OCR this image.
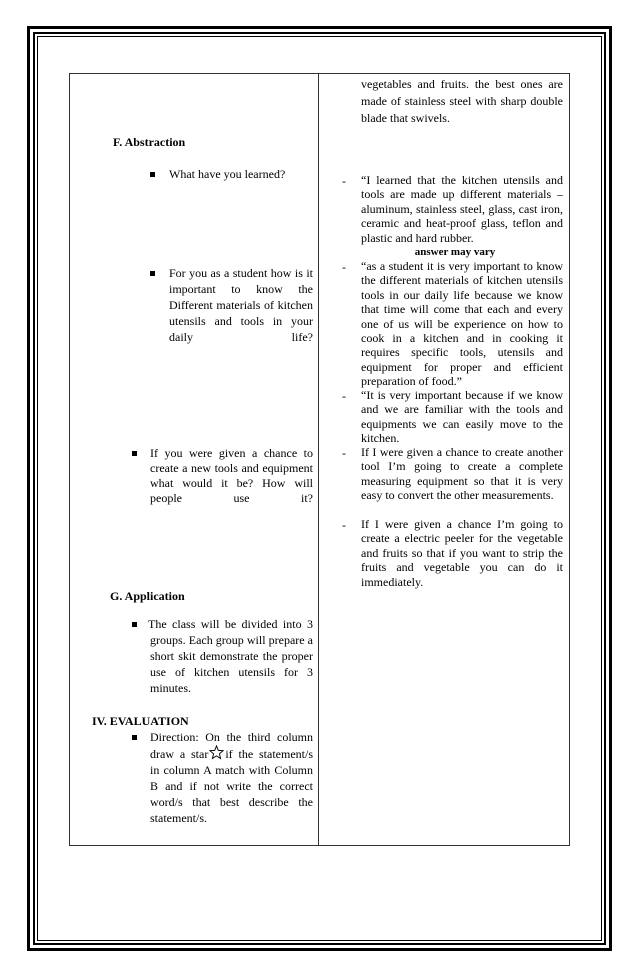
F. Abstraction
What have you learned?
For you as a student how is it important to know the Different materials of kitchen utensils and tools in your daily life?
If you were given a chance to create a new tools and equipment what would it be? How will people use it?
G. Application
The class will be divided into 3 groups. Each group will prepare a short skit demonstrate the proper use of kitchen utensils for 3 minutes.
IV. EVALUATION
Direction: On the third column draw a star if the statement/s in column A match with Column B and if not write the correct word/s that best describe the statement/s.
vegetables and fruits. the best ones are made of stainless steel with sharp double blade that swivels.
- “I learned that the kitchen utensils and tools are made up different materials – aluminum, stainless steel, glass, cast iron, ceramic and heat-proof glass, teflon and plastic and hard rubber.
answer may vary
- “as a student it is very important to know the different materials of kitchen utensils tools in our daily life because we know that time will come that each and every one of us will be experience on how to cook in a kitchen and in cooking it requires specific tools, utensils and equipment for proper and efficient preparation of food.”
- “It is very important because if we know and we are familiar with the tools and equipments we can easily move to the kitchen.
- If I were given a chance to create another tool I’m going to create a complete measuring equipment so that it is very easy to convert the other measurements.
- If I were given a chance I’m going to create a electric peeler for the vegetable and fruits so that if you want to strip the fruits and vegetable you can do it immediately.
